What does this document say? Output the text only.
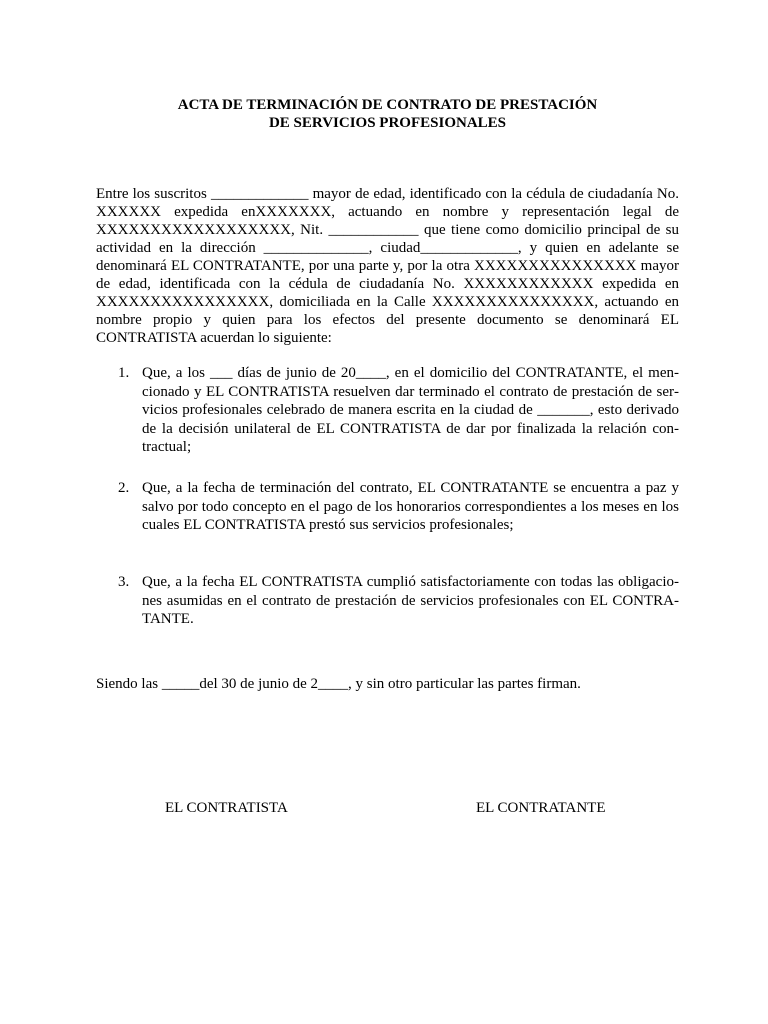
ACTA DE TERMINACIÓN DE CONTRATO DE PRESTACIÓN

DE SERVICIOS PROFESIONALES

Entre los suscritos _____________ mayor de edad, identificado con la cédula de ciudadanía No. XXXXXX expedida enXXXXXXX, actuando en nombre y representación legal de XXXXXXXXXXXXXXXXXX, Nit. ____________ que tiene como domicilio principal de su actividad en la dirección ______________, ciudad_____________, y quien en adelante se denominará EL CONTRATANTE, por una parte y, por la otra XXXXXXXXXXXXXXX mayor de edad, identificada con la cédula de ciudadanía No. XXXXXXXXXXXX expedida en XXXXXXXXXXXXXXXX, domiciliada en la Calle XXXXXXXXXXXXXXX, actuando en nombre propio y quien para los efectos del presente documento se denominará EL CONTRATISTA acuerdan lo siguiente:

1. Que, a los ___ días de junio de 20____, en el domicilio del CONTRATANTE, el mencionado y EL CONTRATISTA resuelven dar terminado el contrato de prestación de servicios profesionales celebrado de manera escrita en la ciudad de _______, esto derivado de la decisión unilateral de EL CONTRATISTA de dar por finalizada la relación contractual;

2. Que, a la fecha de terminación del contrato, EL CONTRATANTE se encuentra a paz y salvo por todo concepto en el pago de los honorarios correspondientes a los meses en los cuales EL CONTRATISTA prestó sus servicios profesionales;

3. Que, a la fecha EL CONTRATISTA cumplió satisfactoriamente con todas las obligaciones asumidas en el contrato de prestación de servicios profesionales con EL CONTRATANTE.

Siendo las _____del 30 de junio de 2____, y sin otro particular las partes firman.

EL CONTRATISTA	EL CONTRATANTE
